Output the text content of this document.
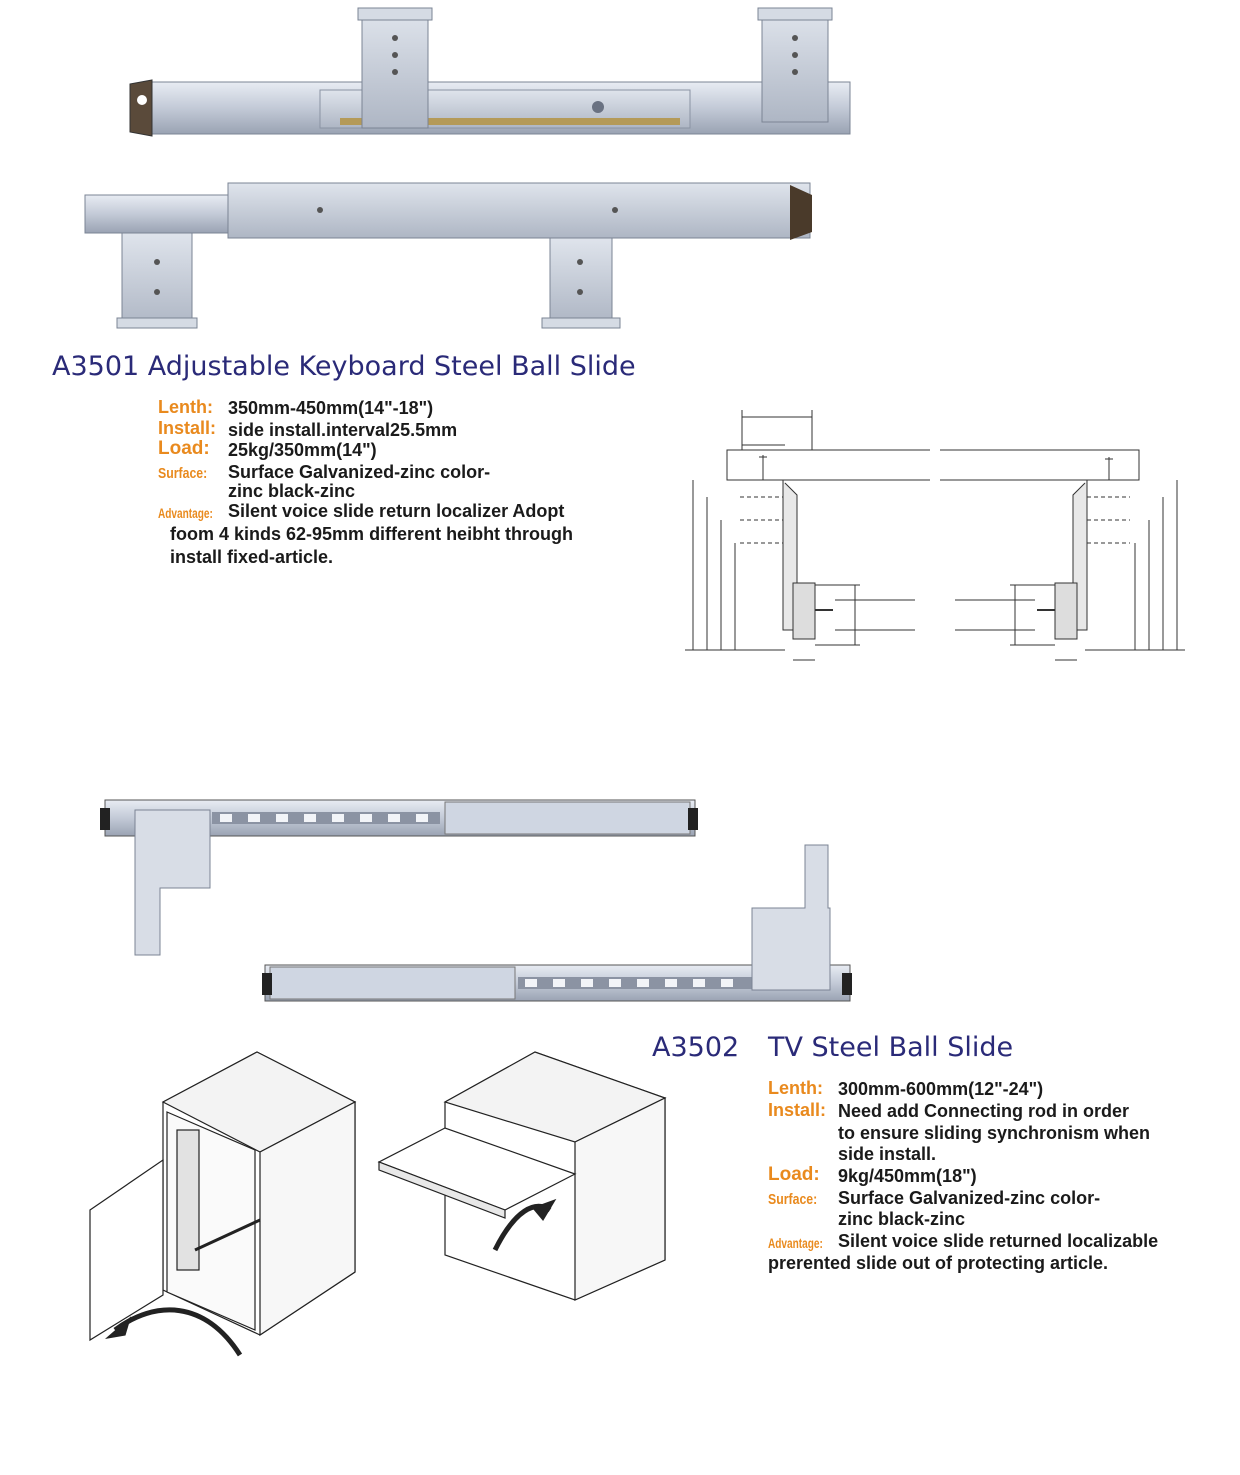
A3501 Adjustable Keyboard Steel Ball Slide
Lenth: 350mm-450mm(14"-18")
Install: side install.interval25.5mm
Load: 25kg/350mm(14")
Surface:	Surface Galvanized-zinc color-
zinc black-zinc
Advantage: Silent voice slide return localizer Adopt
foom 4 kinds 62-95mm different heibht through
install fixed-article.
A3502 TV Steel Ball Slide
Lenth: 300mm-600mm(12"-24")
Install: Need add Connecting rod in order
to ensure sliding synchronism when
side install.
Load: 9kg/450mm(18")
Surface:	Surface Galvanized-zinc color-
zinc black-zinc
Advantage: Silent voice slide returned localizable
prerented slide out of protecting article.
